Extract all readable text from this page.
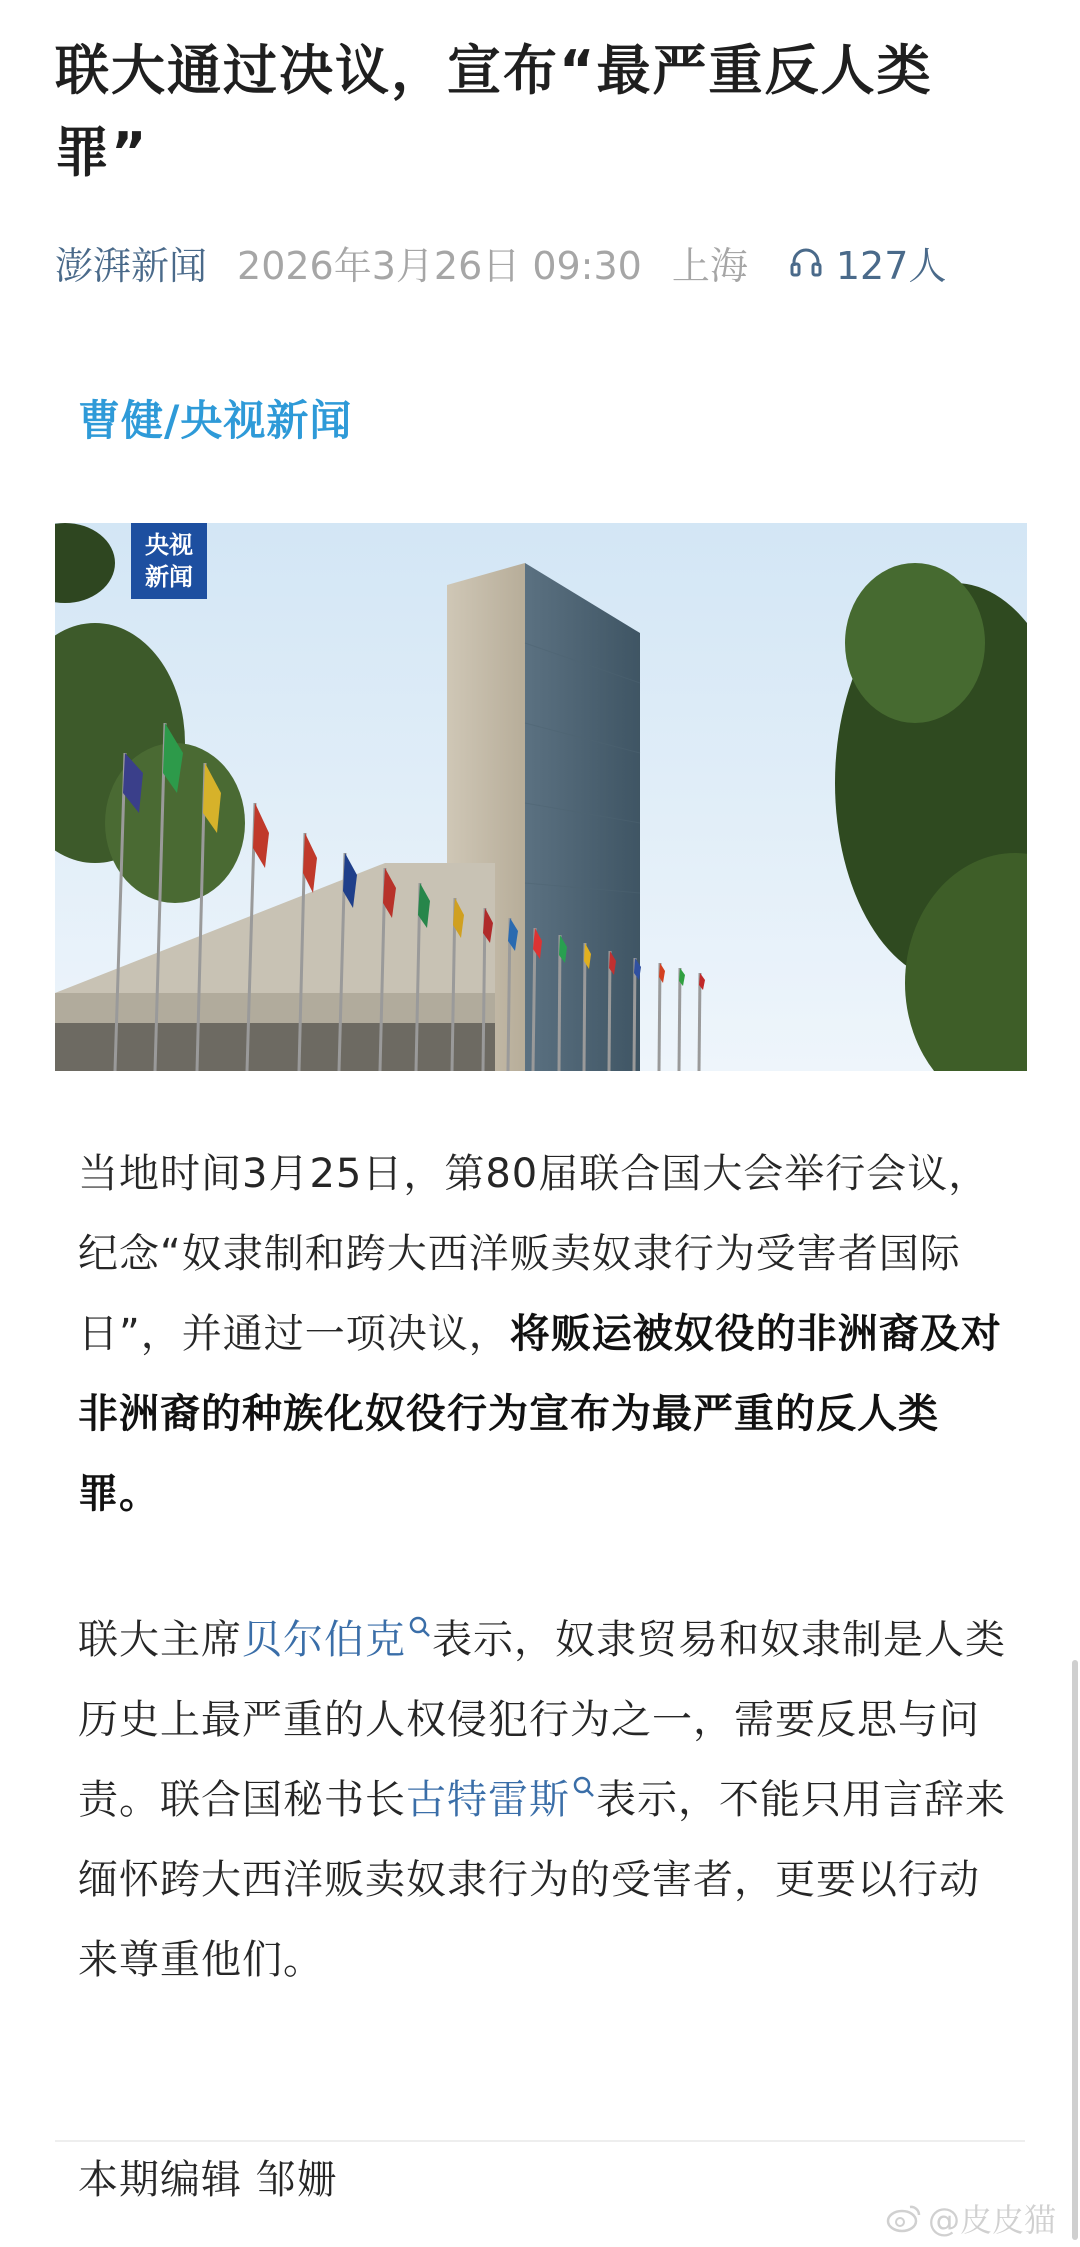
联大通过决议，宣布“最严重反人类罪”
澎湃新闻 2026年3月26日 09:30 上海 127人
曹健/央视新闻
央视
新闻
当地时间3月25日，第80届联合国大会举行会议，纪念“奴隶制和跨大西洋贩卖奴隶行为受害者国际日”，并通过一项决议，将贩运被奴役的非洲裔及对非洲裔的种族化奴役行为宣布为最严重的反人类罪。
联大主席贝尔伯克 表示，奴隶贸易和奴隶制是人类历史上最严重的人权侵犯行为之一，需要反思与问责。联合国秘书长古特雷斯 表示，不能只用言辞来缅怀跨大西洋贩卖奴隶行为的受害者，更要以行动来尊重他们。
本期编辑 邹姗
@皮皮猫
